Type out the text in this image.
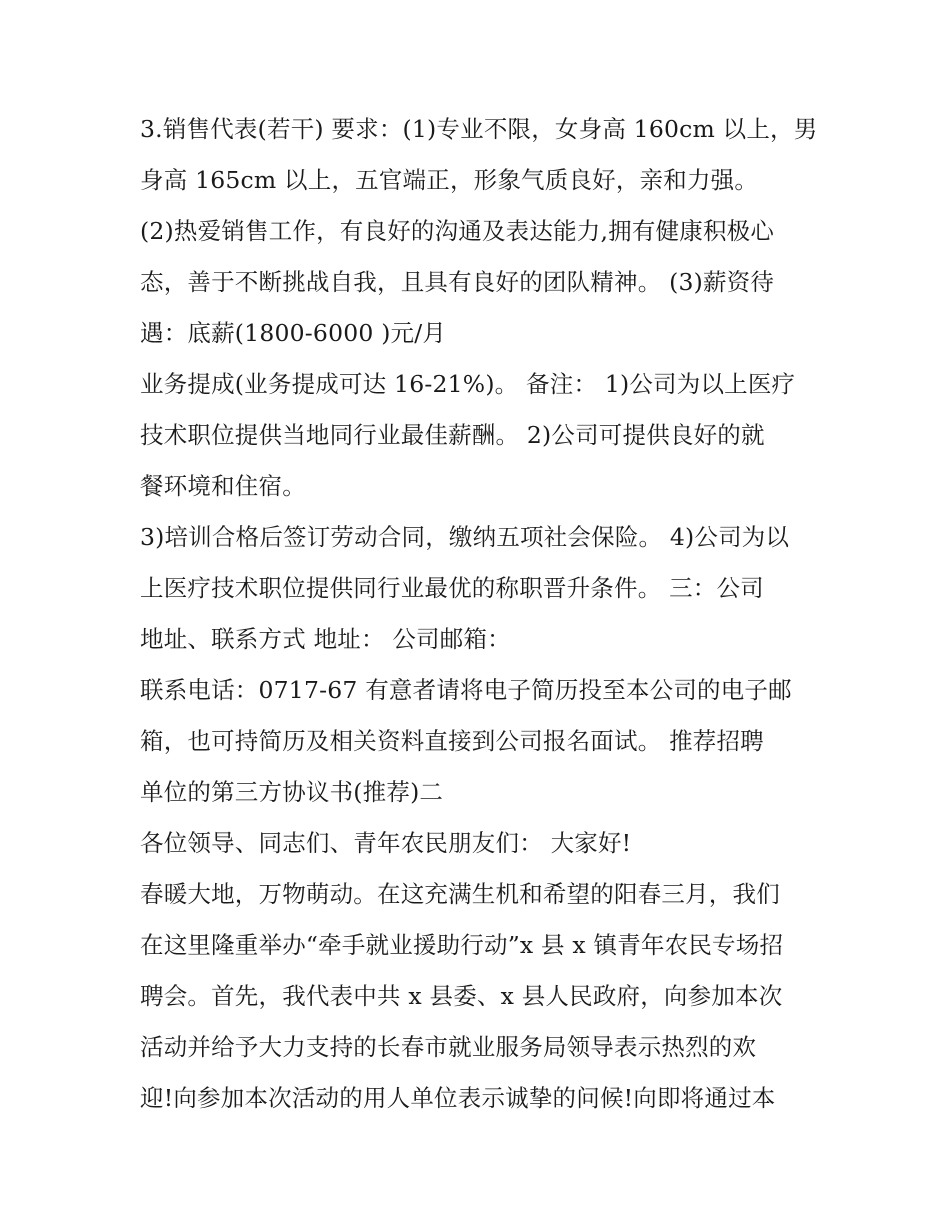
3.销售代表(若干) 要求：(1)专业不限，女身高 160cm 以上，男
身高 165cm 以上，五官端正，形象气质良好，亲和力强。
(2)热爱销售工作，有良好的沟通及表达能力,拥有健康积极心
态，善于不断挑战自我，且具有良好的团队精神。 (3)薪资待
遇：底薪(1800-6000 )元/月
业务提成(业务提成可达 16-21%)。 备注： 1)公司为以上医疗
技术职位提供当地同行业最佳薪酬。 2)公司可提供良好的就
餐环境和住宿。
3)培训合格后签订劳动合同，缴纳五项社会保险。 4)公司为以
上医疗技术职位提供同行业最优的称职晋升条件。 三：公司
地址、联系方式 地址： 公司邮箱：
联系电话：0717-67 有意者请将电子简历投至本公司的电子邮
箱，也可持简历及相关资料直接到公司报名面试。 推荐招聘
单位的第三方协议书(推荐)二
各位领导、同志们、青年农民朋友们： 大家好!
春暖大地，万物萌动。在这充满生机和希望的阳春三月，我们
在这里隆重举办“牵手就业援助行动”x 县 x 镇青年农民专场招
聘会。首先，我代表中共 x 县委、x 县人民政府，向参加本次
活动并给予大力支持的长春市就业服务局领导表示热烈的欢
迎!向参加本次活动的用人单位表示诚挚的问候!向即将通过本
